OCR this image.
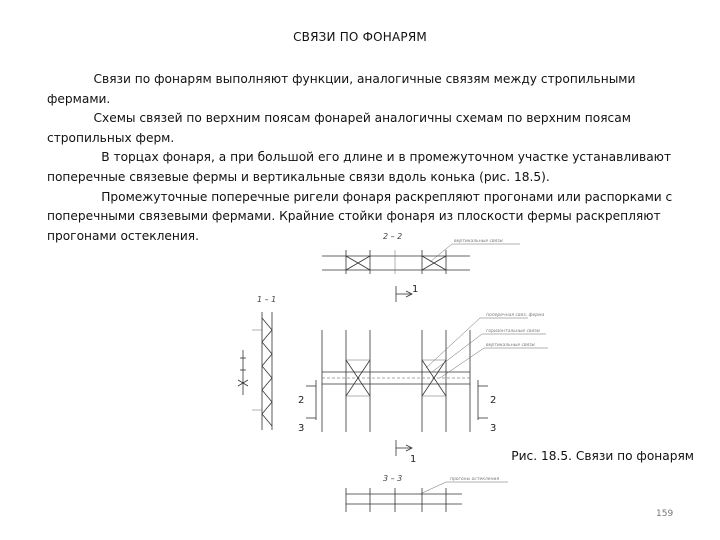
СВЯЗИ ПО ФОНАРЯМ

Связи по фонарям выполняют функции, аналогичные связям между стропильными фермами.

Схемы связей по верхним поясам фонарей аналогичны схемам по верхним поясам стропильных ферм.

В торцах фонаря, а при большой его длине и в промежуточном участке устанавливают поперечные связевые фермы и вертикальные связи вдоль конька (рис. 18.5).

Промежуточные поперечные ригели фонаря раскрепляют прогонами или распорками с поперечными связевыми фермами. Крайние стойки фонаря из плоскости фермы раскрепляют прогонами остекления.	2 – 2
вертикальные связи
1
1 – 1
поперечная связ. ферма
горизонтальные связи
вертикальные связи
2
3
2
3
1
3 – 3	прогоны остекления
Рис. 18.5. Связи по фонарям
159
